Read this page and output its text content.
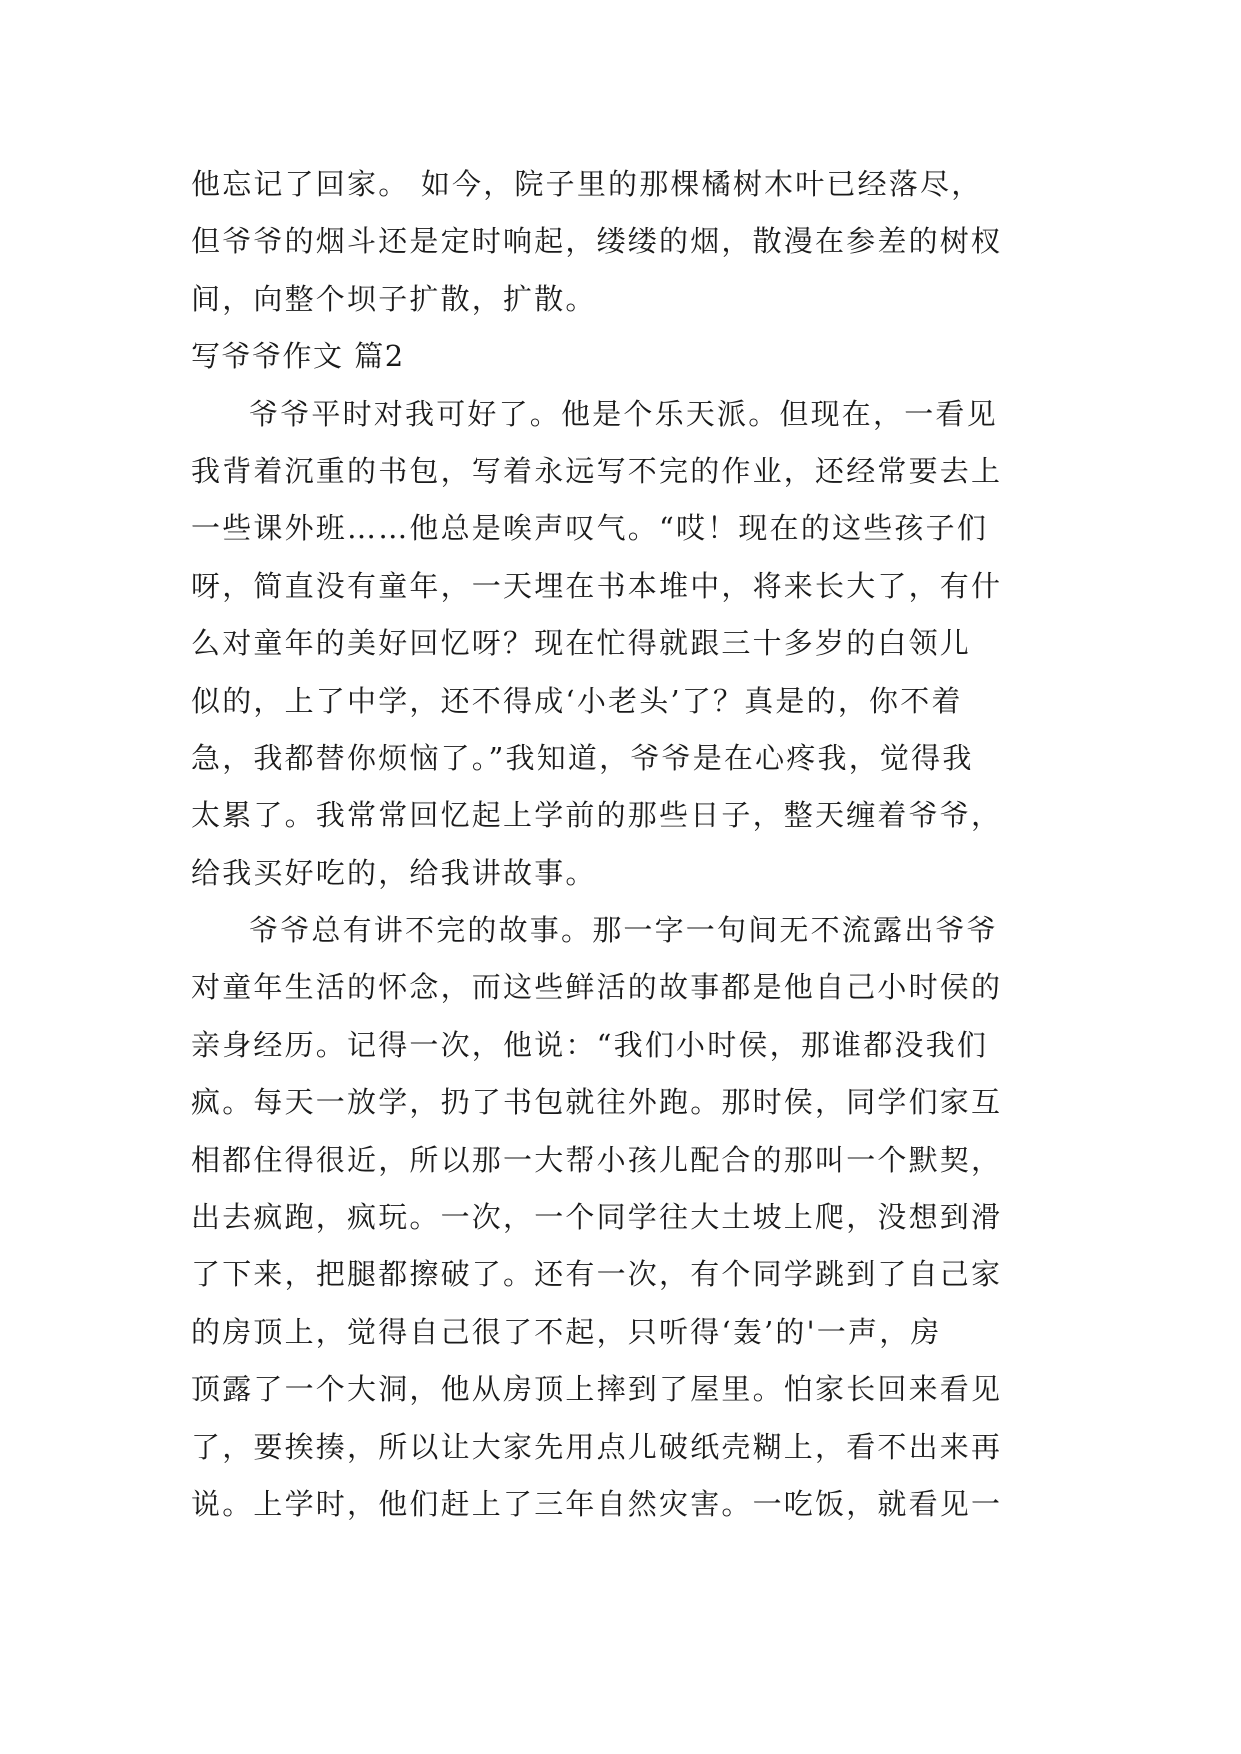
他忘记了回家。 如今，院子里的那棵橘树木叶已经落尽，
但爷爷的烟斗还是定时响起，缕缕的烟，散漫在参差的树杈
间，向整个坝子扩散，扩散。
写爷爷作文 篇2
爷爷平时对我可好了。他是个乐天派。但现在，一看见
我背着沉重的书包，写着永远写不完的作业，还经常要去上
一些课外班……他总是唉声叹气。“哎！现在的这些孩子们
呀，简直没有童年，一天埋在书本堆中，将来长大了，有什
么对童年的美好回忆呀？现在忙得就跟三十多岁的白领儿
似的，上了中学，还不得成‘小老头’了？真是的，你不着
急，我都替你烦恼了。”我知道，爷爷是在心疼我，觉得我
太累了。我常常回忆起上学前的那些日子，整天缠着爷爷，
给我买好吃的，给我讲故事。
爷爷总有讲不完的故事。那一字一句间无不流露出爷爷
对童年生活的怀念，而这些鲜活的故事都是他自己小时侯的
亲身经历。记得一次，他说：“我们小时侯，那谁都没我们
疯。每天一放学，扔了书包就往外跑。那时侯，同学们家互
相都住得很近，所以那一大帮小孩儿配合的那叫一个默契，
出去疯跑，疯玩。一次，一个同学往大土坡上爬，没想到滑
了下来，把腿都擦破了。还有一次，有个同学跳到了自己家
的房顶上，觉得自己很了不起，只听得‘轰’的'一声，房
顶露了一个大洞，他从房顶上摔到了屋里。怕家长回来看见
了，要挨揍，所以让大家先用点儿破纸壳糊上，看不出来再
说。上学时，他们赶上了三年自然灾害。一吃饭，就看见一
